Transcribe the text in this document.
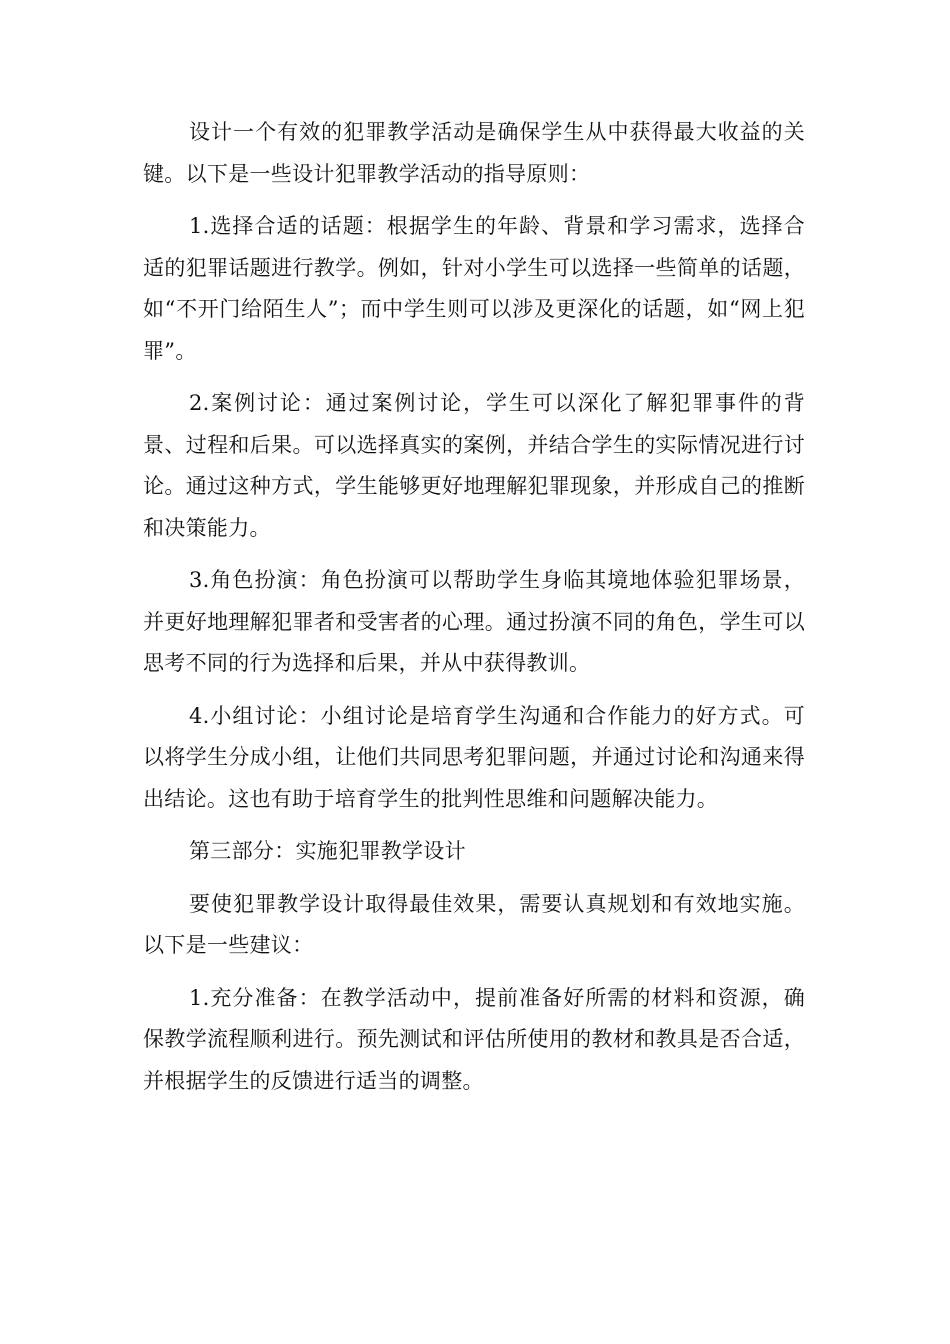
设计一个有效的犯罪教学活动是确保学生从中获得最大收益的关键。以下是一些设计犯罪教学活动的指导原则：

1.选择合适的话题：根据学生的年龄、背景和学习需求，选择合适的犯罪话题进行教学。例如，针对小学生可以选择一些简单的话题，如“不开门给陌生人”；而中学生则可以涉及更深化的话题，如“网上犯罪”。

2.案例讨论：通过案例讨论，学生可以深化了解犯罪事件的背景、过程和后果。可以选择真实的案例，并结合学生的实际情况进行讨论。通过这种方式，学生能够更好地理解犯罪现象，并形成自己的推断和决策能力。

3.角色扮演：角色扮演可以帮助学生身临其境地体验犯罪场景，并更好地理解犯罪者和受害者的心理。通过扮演不同的角色，学生可以思考不同的行为选择和后果，并从中获得教训。

4.小组讨论：小组讨论是培育学生沟通和合作能力的好方式。可以将学生分成小组，让他们共同思考犯罪问题，并通过讨论和沟通来得出结论。这也有助于培育学生的批判性思维和问题解决能力。

第三部分：实施犯罪教学设计

要使犯罪教学设计取得最佳效果，需要认真规划和有效地实施。以下是一些建议：

1.充分准备：在教学活动中，提前准备好所需的材料和资源，确保教学流程顺利进行。预先测试和评估所使用的教材和教具是否合适，并根据学生的反馈进行适当的调整。
